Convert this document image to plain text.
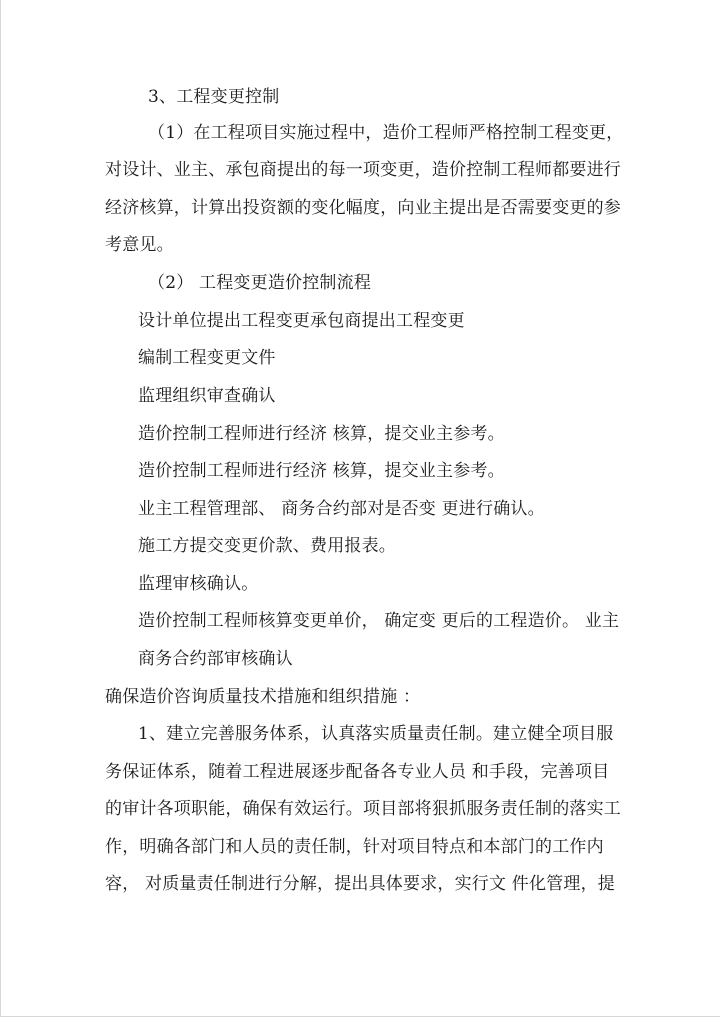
3、工程变更控制
（1）在工程项目实施过程中，造价工程师严格控制工程变更，
对设计、业主、承包商提出的每一项变更，造价控制工程师都要进行
经济核算，计算出投资额的变化幅度，向业主提出是否需要变更的参
考意见。
（2） 工程变更造价控制流程
设计单位提出工程变更承包商提出工程变更
编制工程变更文件
监理组织审查确认
造价控制工程师进行经济 核算，提交业主参考。
造价控制工程师进行经济 核算，提交业主参考。
业主工程管理部、 商务合约部对是否变 更进行确认。
施工方提交变更价款、费用报表。
监理审核确认。
造价控制工程师核算变更单价， 确定变 更后的工程造价。 业主
商务合约部审核确认
确保造价咨询质量技术措施和组织措施 ：
1、建立完善服务体系，认真落实质量责任制。建立健全项目服
务保证体系，随着工程进展逐步配备各专业人员 和手段，完善项目
的审计各项职能，确保有效运行。项目部将狠抓服务责任制的落实工
作，明确各部门和人员的责任制，针对项目特点和本部门的工作内
容， 对质量责任制进行分解，提出具体要求，实行文 件化管理，提
